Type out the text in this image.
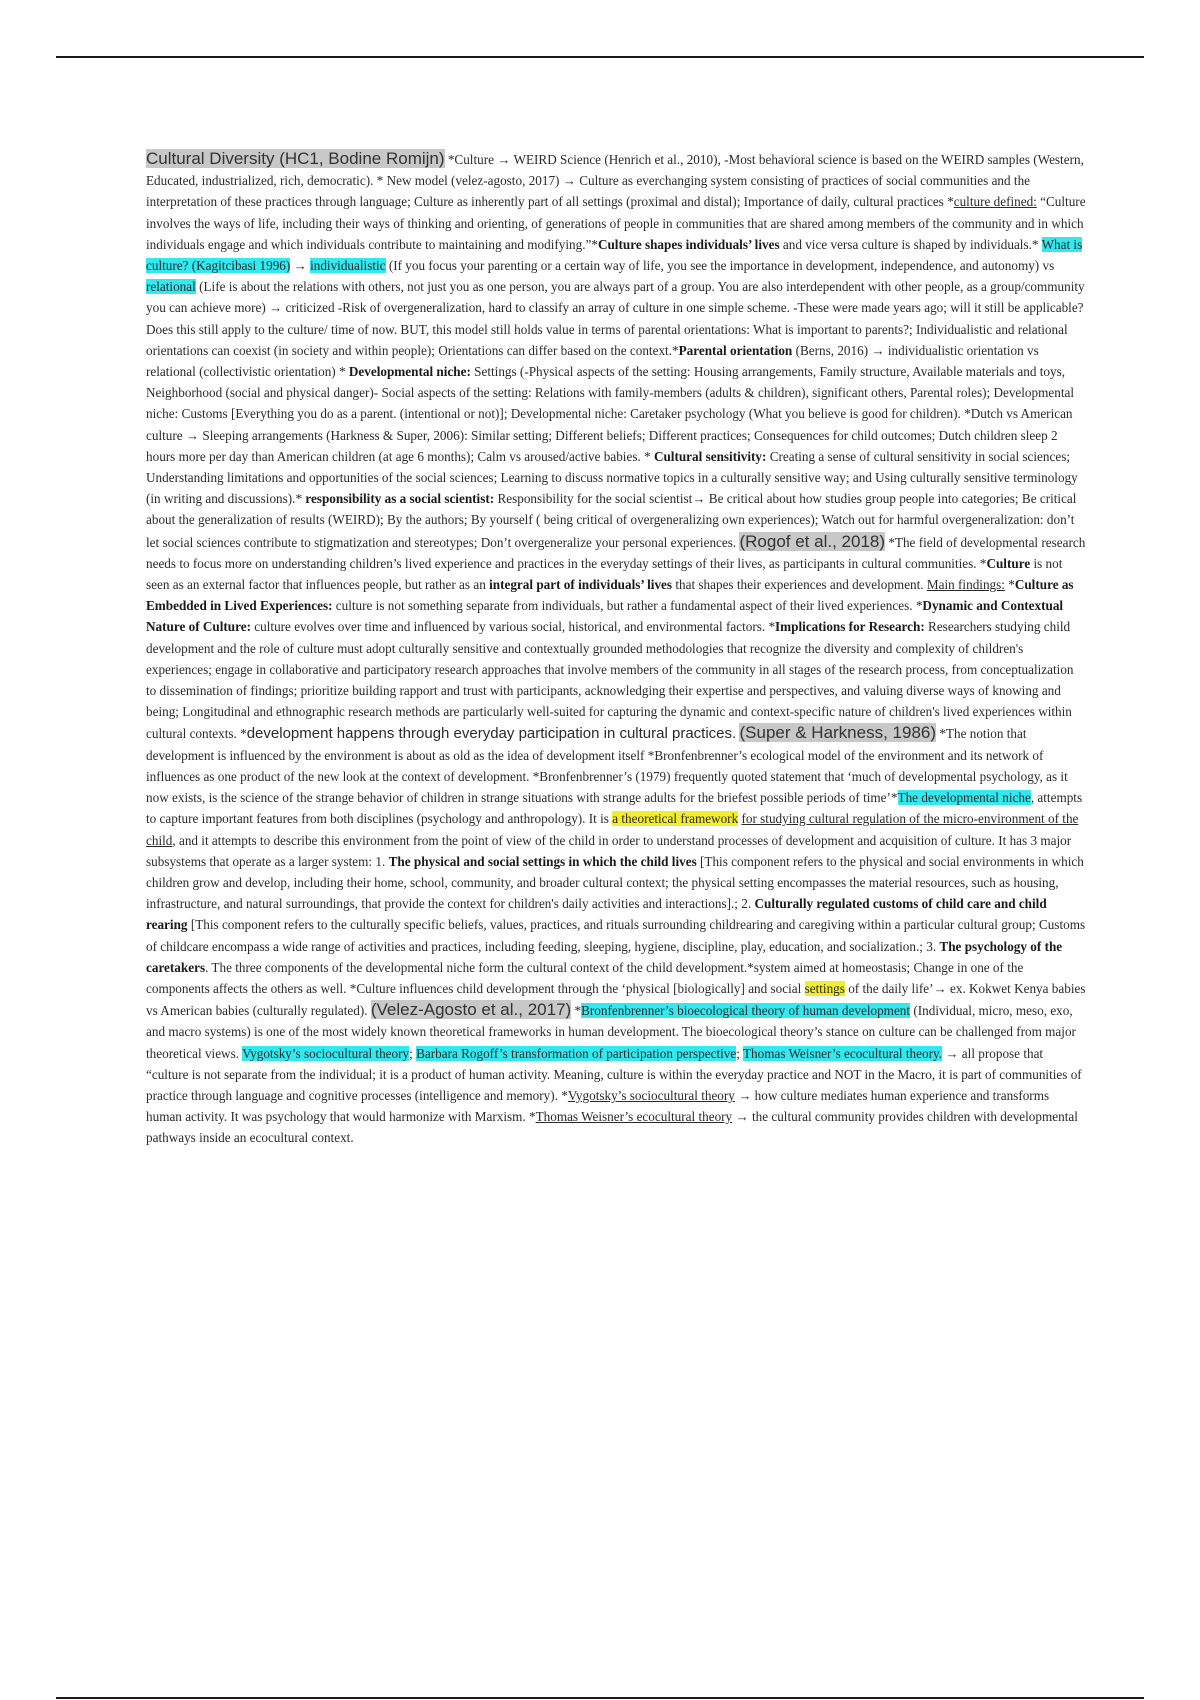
Cultural Diversity (HC1, Bodine Romijn) *Culture → WEIRD Science (Henrich et al., 2010), -Most behavioral science is based on the WEIRD samples (Western, Educated, industrialized, rich, democratic). * New model (velez-agosto, 2017) → Culture as everchanging system consisting of practices of social communities and the interpretation of these practices through language; Culture as inherently part of all settings (proximal and distal); Importance of daily, cultural practices *culture defined: “Culture involves the ways of life, including their ways of thinking and orienting, of generations of people in communities that are shared among members of the community and in which individuals engage and which individuals contribute to maintaining and modifying.”*Culture shapes individuals’ lives and vice versa culture is shaped by individuals.* What is culture? (Kagitcibasi 1996) → individualistic (If you focus your parenting or a certain way of life, you see the importance in development, independence, and autonomy) vs relational (Life is about the relations with others, not just you as one person, you are always part of a group. You are also interdependent with other people, as a group/community you can achieve more) → criticized -Risk of overgeneralization, hard to classify an array of culture in one simple scheme. -These were made years ago; will it still be applicable? Does this still apply to the culture/ time of now. BUT, this model still holds value in terms of parental orientations: What is important to parents?; Individualistic and relational orientations can coexist (in society and within people); Orientations can differ based on the context.*Parental orientation (Berns, 2016) → individualistic orientation vs relational (collectivistic orientation) * Developmental niche: Settings (-Physical aspects of the setting: Housing arrangements, Family structure, Available materials and toys, Neighborhood (social and physical danger)- Social aspects of the setting: Relations with family-members (adults & children), significant others, Parental roles); Developmental niche: Customs [Everything you do as a parent. (intentional or not)]; Developmental niche: Caretaker psychology (What you believe is good for children). *Dutch vs American culture → Sleeping arrangements (Harkness & Super, 2006): Similar setting; Different beliefs; Different practices; Consequences for child outcomes; Dutch children sleep 2 hours more per day than American children (at age 6 months); Calm vs aroused/active babies. * Cultural sensitivity: Creating a sense of cultural sensitivity in social sciences; Understanding limitations and opportunities of the social sciences; Learning to discuss normative topics in a culturally sensitive way; and Using culturally sensitive terminology (in writing and discussions).* responsibility as a social scientist: Responsibility for the social scientist→ Be critical about how studies group people into categories; Be critical about the generalization of results (WEIRD); By the authors; By yourself ( being critical of overgeneralizing own experiences); Watch out for harmful overgeneralization: don’t let social sciences contribute to stigmatization and stereotypes; Don’t overgeneralize your personal experiences. (Rogof et al., 2018) *The field of developmental research needs to focus more on understanding children’s lived experience and practices in the everyday settings of their lives, as participants in cultural communities. *Culture is not seen as an external factor that influences people, but rather as an integral part of individuals’ lives that shapes their experiences and development. Main findings: *Culture as Embedded in Lived Experiences: culture is not something separate from individuals, but rather a fundamental aspect of their lived experiences. *Dynamic and Contextual Nature of Culture: culture evolves over time and influenced by various social, historical, and environmental factors. *Implications for Research: Researchers studying child development and the role of culture must adopt culturally sensitive and contextually grounded methodologies that recognize the diversity and complexity of children's experiences; engage in collaborative and participatory research approaches that involve members of the community in all stages of the research process, from conceptualization to dissemination of findings; prioritize building rapport and trust with participants, acknowledging their expertise and perspectives, and valuing diverse ways of knowing and being; Longitudinal and ethnographic research methods are particularly well-suited for capturing the dynamic and context-specific nature of children's lived experiences within cultural contexts. *development happens through everyday participation in cultural practices. (Super & Harkness, 1986) *The notion that development is influenced by the environment is about as old as the idea of development itself *Bronfenbrenner’s ecological model of the environment and its network of influences as one product of the new look at the context of development. *Bronfenbrenner’s (1979) frequently quoted statement that ‘much of developmental psychology, as it now exists, is the science of the strange behavior of children in strange situations with strange adults for the briefest possible periods of time’*The developmental niche, attempts to capture important features from both disciplines (psychology and anthropology). It is a theoretical framework for studying cultural regulation of the micro-environment of the child, and it attempts to describe this environment from the point of view of the child in order to understand processes of development and acquisition of culture. It has 3 major subsystems that operate as a larger system: 1. The physical and social settings in which the child lives [This component refers to the physical and social environments in which children grow and develop, including their home, school, community, and broader cultural context; the physical setting encompasses the material resources, such as housing, infrastructure, and natural surroundings, that provide the context for children's daily activities and interactions].; 2. Culturally regulated customs of child care and child rearing [This component refers to the culturally specific beliefs, values, practices, and rituals surrounding childrearing and caregiving within a particular cultural group; Customs of childcare encompass a wide range of activities and practices, including feeding, sleeping, hygiene, discipline, play, education, and socialization.; 3. The psychology of the caretakers. The three components of the developmental niche form the cultural context of the child development.*system aimed at homeostasis; Change in one of the components affects the others as well. *Culture influences child development through the ‘physical [biologically] and social settings of the daily life’→ ex. Kokwet Kenya babies vs American babies (culturally regulated). (Velez-Agosto et al., 2017) *Bronfenbrenner’s bioecological theory of human development (Individual, micro, meso, exo, and macro systems) is one of the most widely known theoretical frameworks in human development. The bioecological theory’s stance on culture can be challenged from major theoretical views. Vygotsky’s sociocultural theory; Barbara Rogoff’s transformation of participation perspective; Thomas Weisner’s ecocultural theory. → all propose that “culture is not separate from the individual; it is a product of human activity. Meaning, culture is within the everyday practice and NOT in the Macro, it is part of communities of practice through language and cognitive processes (intelligence and memory). *Vygotsky’s sociocultural theory → how culture mediates human experience and transforms human activity. It was psychology that would harmonize with Marxism. *Thomas Weisner’s ecocultural theory → the cultural community provides children with developmental pathways inside an ecocultural context.
